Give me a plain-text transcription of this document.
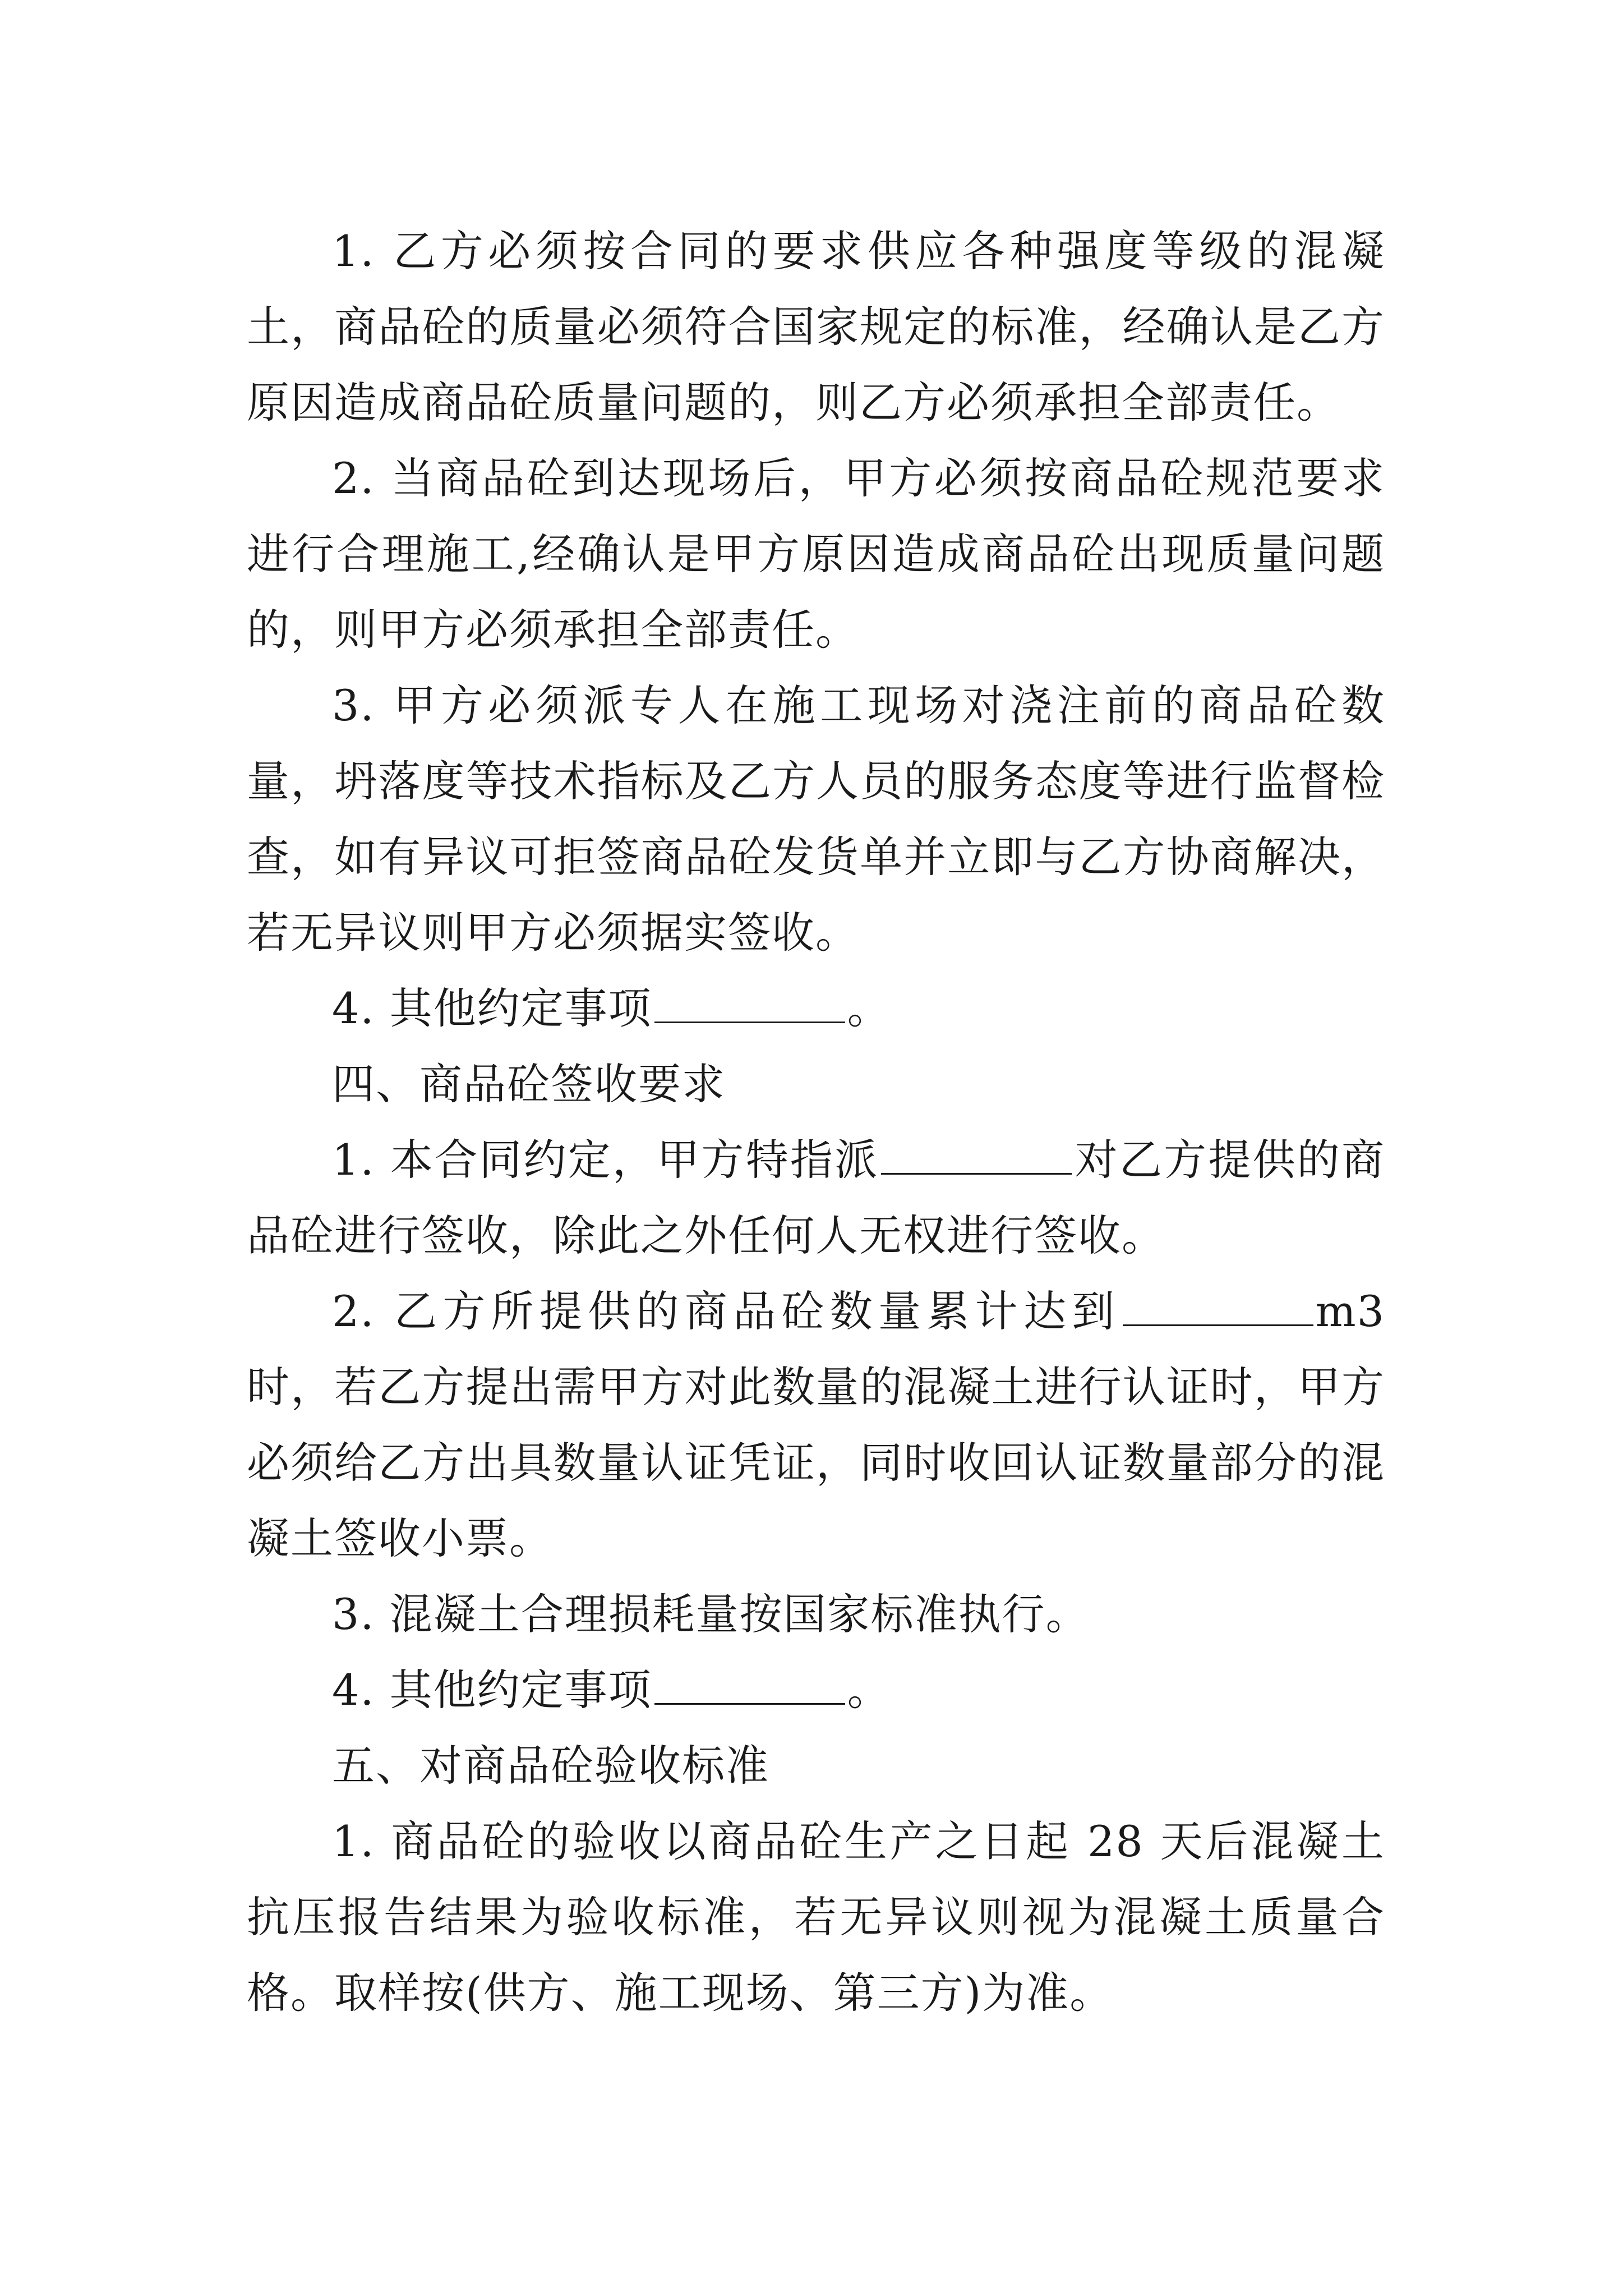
1. 乙方必须按合同的要求供应各种强度等级的混凝土，商品砼的质量必须符合国家规定的标准，经确认是乙方原因造成商品砼质量问题的，则乙方必须承担全部责任。

2. 当商品砼到达现场后，甲方必须按商品砼规范要求进行合理施工,经确认是甲方原因造成商品砼出现质量问题的，则甲方必须承担全部责任。

3. 甲方必须派专人在施工现场对浇注前的商品砼数量，坍落度等技术指标及乙方人员的服务态度等进行监督检查，如有异议可拒签商品砼发货单并立即与乙方协商解决，若无异议则甲方必须据实签收。

4. 其他约定事项	。

四、商品砼签收要求

1. 本合同约定，甲方特指派	对乙方提供的商品砼进行签收，除此之外任何人无权进行签收。

2. 乙方所提供的商品砼数量累计达到	m3 时，若乙方提出需甲方对此数量的混凝土进行认证时，甲方必须给乙方出具数量认证凭证，同时收回认证数量部分的混凝土签收小票。

3. 混凝土合理损耗量按国家标准执行。

4. 其他约定事项	。

五、对商品砼验收标准

1. 商品砼的验收以商品砼生产之日起 28 天后混凝土抗压报告结果为验收标准，若无异议则视为混凝土质量合格。取样按(供方、施工现场、第三方)为准。
